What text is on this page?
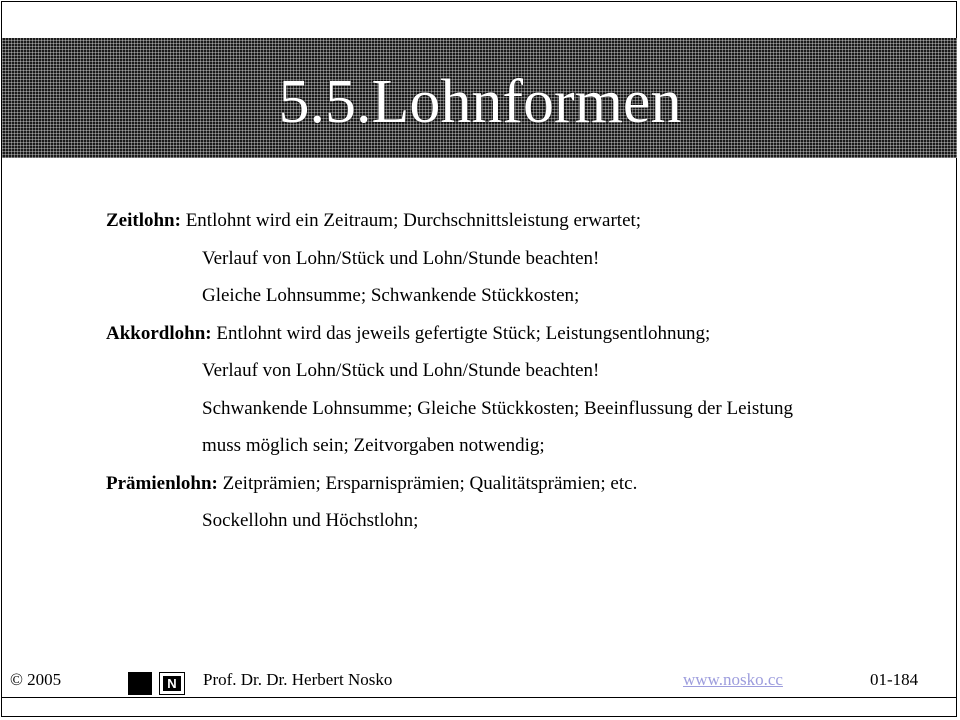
5.5.Lohnformen
Zeitlohn: Entlohnt wird ein Zeitraum; Durchschnittsleistung erwartet;
Verlauf von Lohn/Stück und Lohn/Stunde beachten!
Gleiche Lohnsumme; Schwankende Stückkosten;
Akkordlohn: Entlohnt wird das jeweils gefertigte Stück; Leistungsentlohnung;
Verlauf von Lohn/Stück und Lohn/Stunde beachten!
Schwankende Lohnsumme; Gleiche Stückkosten; Beeinflussung der Leistung
muss möglich sein; Zeitvorgaben notwendig;
Prämienlohn: Zeitprämien; Ersparnisprämien; Qualitätsprämien; etc.
Sockellohn und Höchstlohn;
© 2005	N Prof. Dr. Dr. Herbert Nosko	www.nosko.cc	01-184
